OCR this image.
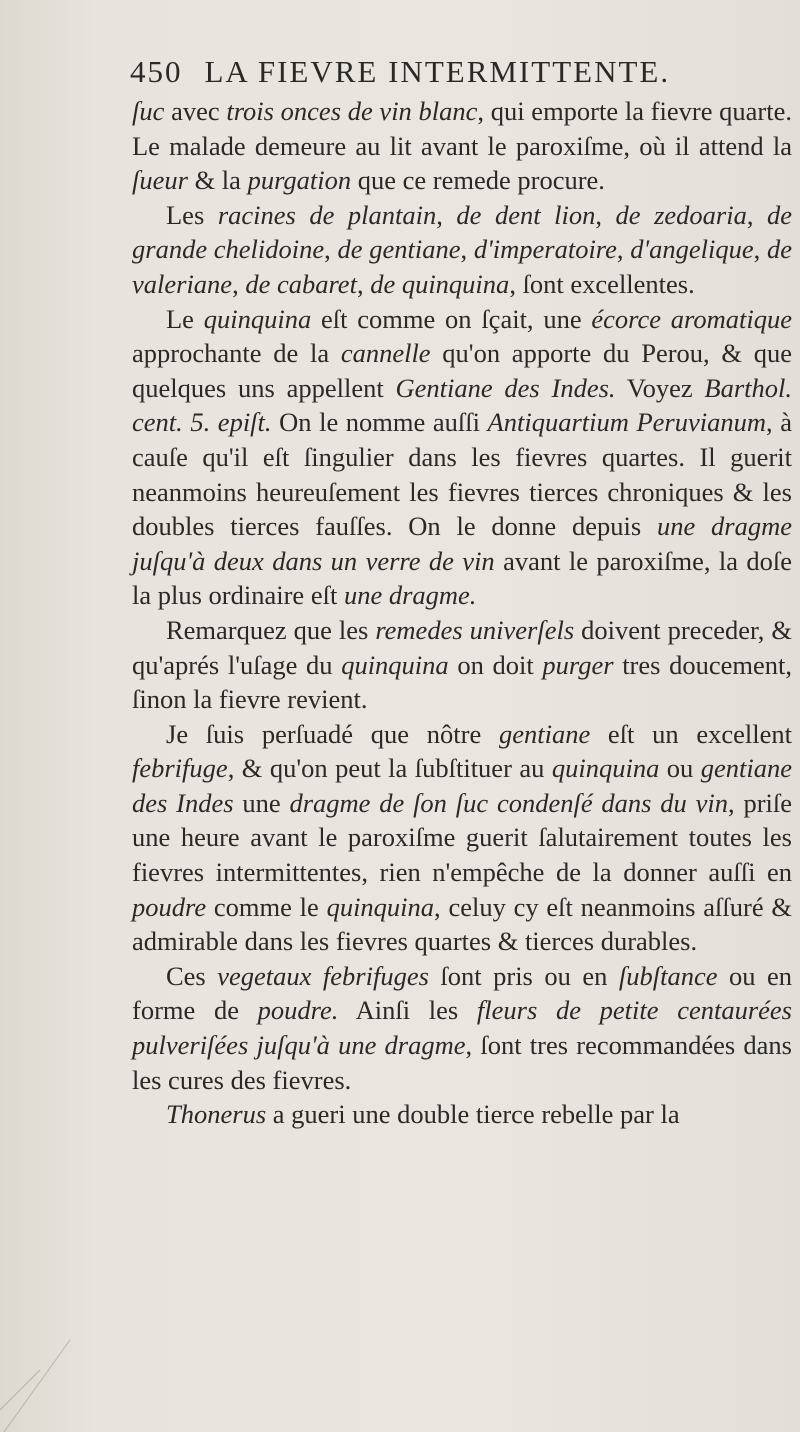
450 LA FIEVRE INTERMITTENTE.

ſuc avec trois onces de vin blanc, qui emporte la fievre quarte. Le malade demeure au lit avant le paroxiſme, où il attend la ſueur & la purgation que ce remede procure.

Les racines de plantain, de dent lion, de zedoaria, de grande chelidoine, de gentiane, d'imperatoire, d'angelique, de valeriane, de cabaret, de quinquina, ſont excellentes.

Le quinquina eſt comme on ſçait, une écorce aromatique approchante de la cannelle qu'on apporte du Perou, & que quelques uns appellent Gentiane des Indes. Voyez Barthol. cent. 5. epiſt. On le nomme auſſi Antiquartium Peruvianum, à cauſe qu'il eſt ſingulier dans les fievres quartes. Il guerit neanmoins heureuſement les fievres tierces chroniques & les doubles tierces fauſſes. On le donne depuis une dragme juſqu'à deux dans un verre de vin avant le paroxiſme, la doſe la plus ordinaire eſt une dragme.

Remarquez que les remedes univerſels doivent preceder, & qu'aprés l'uſage du quinquina on doit purger tres doucement, ſinon la fievre revient.

Je ſuis perſuadé que nôtre gentiane eſt un excellent febrifuge, & qu'on peut la ſubſtituer au quinquina ou gentiane des Indes une dragme de ſon ſuc condenſé dans du vin, priſe une heure avant le paroxiſme guerit ſalutairement toutes les fievres intermittentes, rien n'empêche de la donner auſſi en poudre comme le quinquina, celuy cy eſt neanmoins aſſuré & admirable dans les fievres quartes & tierces durables.

Ces vegetaux febrifuges ſont pris ou en ſubſtance ou en forme de poudre. Ainſi les fleurs de petite centaurées pulveriſées juſqu'à une dragme, ſont tres recommandées dans les cures des fievres.

Thonerus a gueri une double tierce rebelle par la
